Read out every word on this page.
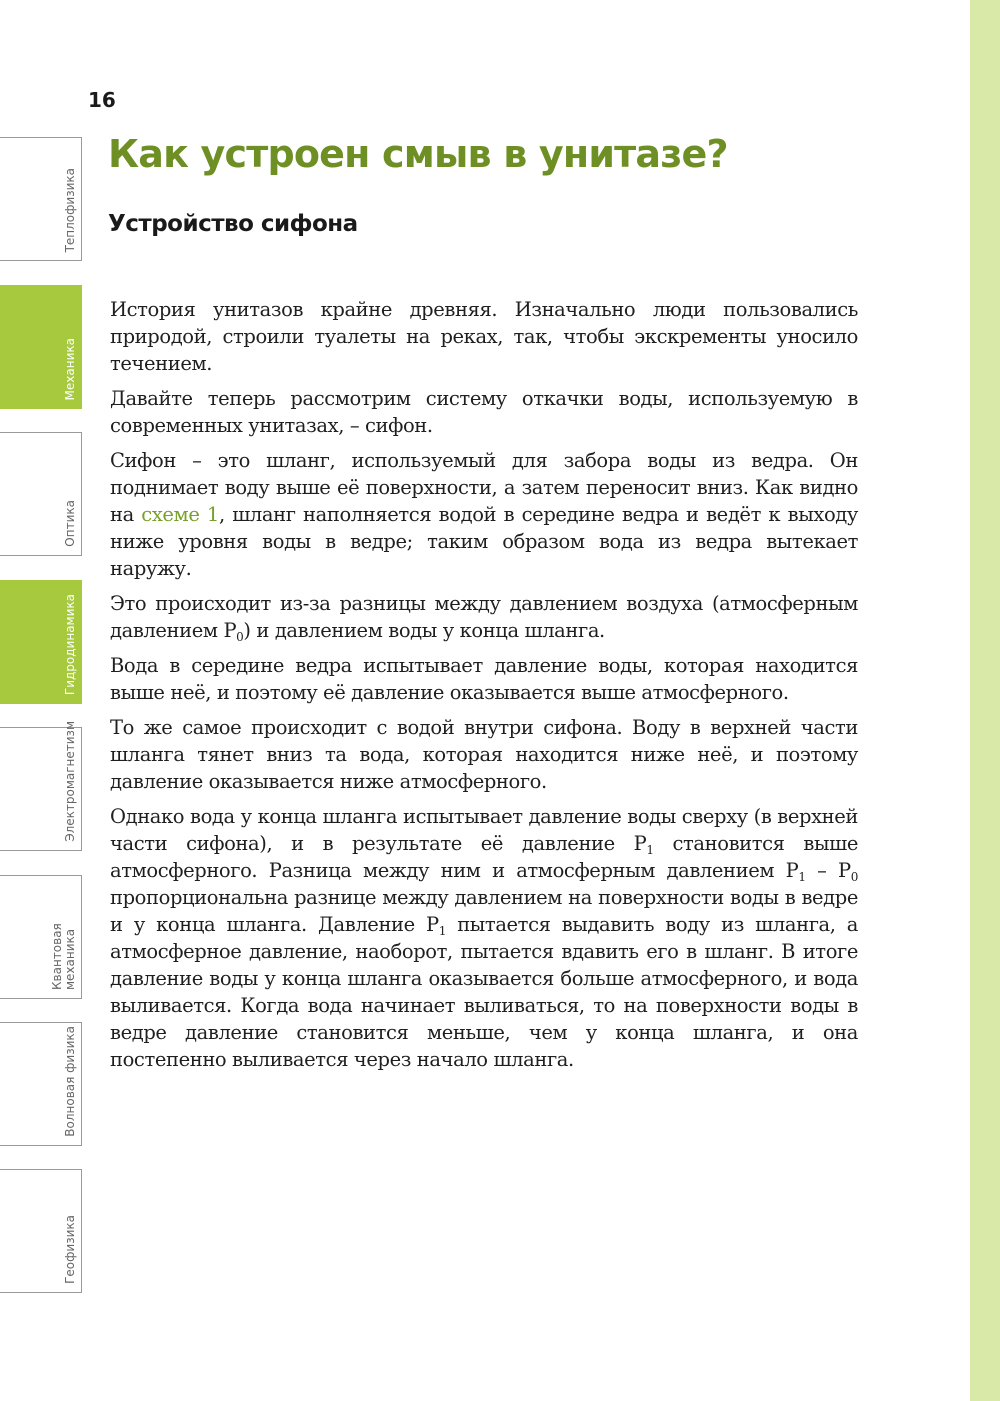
16
Как устроен смыв в унитазе?
Устройство сифона
Теплофизика
Механика
Оптика
Гидродинамика
Электромагнетизм
Квантовая механика
Волновая физика
Геофизика

История унитазов крайне древняя. Изначально люди пользовались природой, строили туалеты на реках, так, чтобы экскременты уносило течением.

Давайте теперь рассмотрим систему откачки воды, используемую в современных унитазах, – сифон.

Сифон – это шланг, используемый для забора воды из ведра. Он поднимает воду выше её поверхности, а затем переносит вниз. Как видно на схеме 1, шланг наполняется водой в середине ведра и ведёт к выходу ниже уровня воды в ведре; таким образом вода из ведра вытекает наружу.

Это происходит из-за разницы между давлением воздуха (атмосферным давлением $P_0$) и давлением воды у конца шланга.

Вода в середине ведра испытывает давление воды, которая находится выше неё, и поэтому её давление оказывается выше атмосферного.

То же самое происходит с водой внутри сифона. Воду в верхней части шланга тянет вниз та вода, которая находится ниже неё, и поэтому давление оказывается ниже атмосферного.

Однако вода у конца шланга испытывает давление воды сверху (в верхней части сифона), и в результате её давление $P_1$ становится выше атмосферного. Разница между ним и атмосферным давлением $P_1 - P_0$ пропорциональна разнице между давлением на поверхности воды в ведре и у конца шланга. Давление $P_1$ пытается выдавить воду из шланга, а атмосферное давление, наоборот, пытается вдавить его в шланг. В итоге давление воды у конца шланга оказывается больше атмосферного, и вода выливается. Когда вода начинает выливаться, то на поверхности воды в ведре давление становится меньше, чем у конца шланга, и она постепенно выливается через начало шланга.
